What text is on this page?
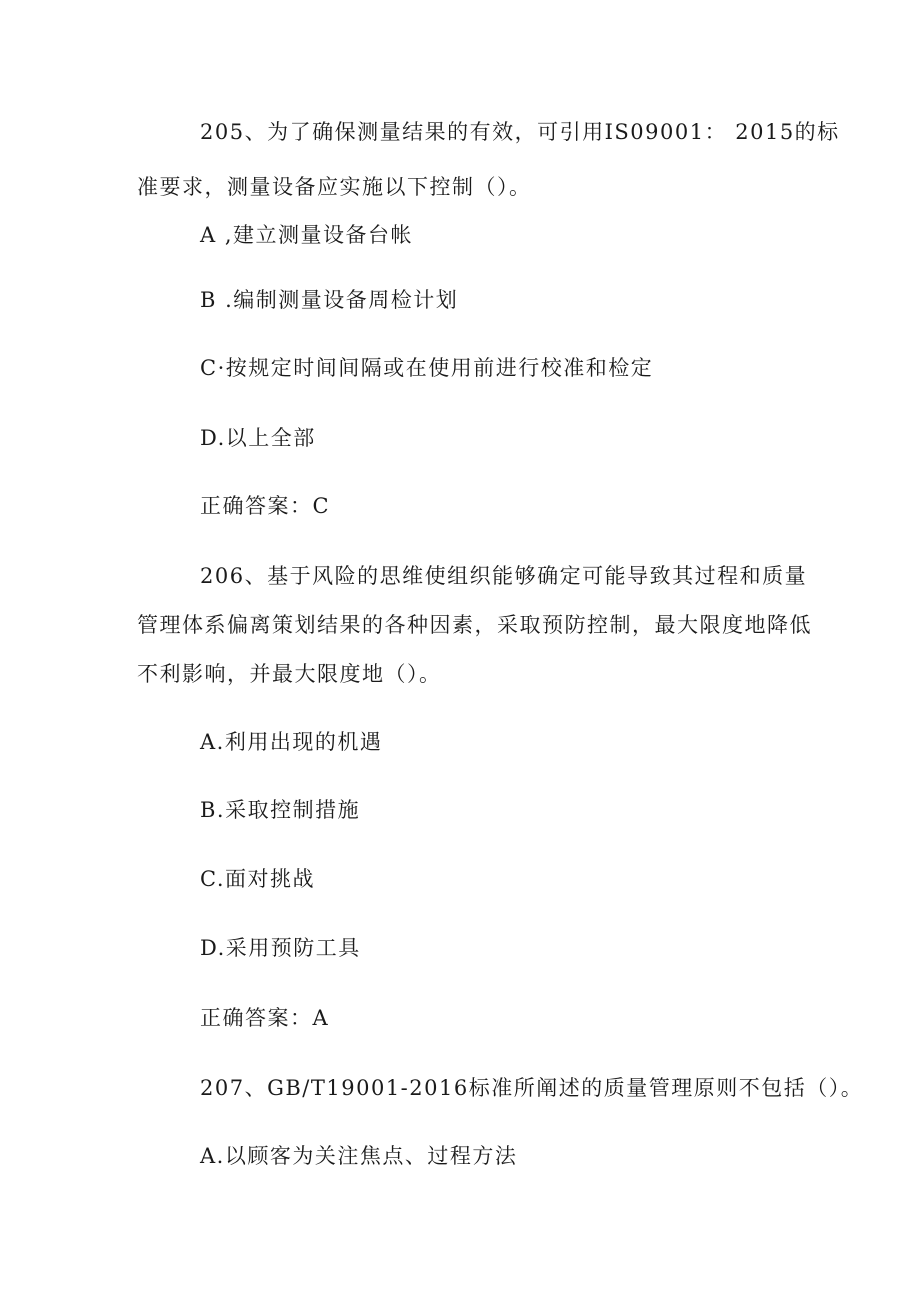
205、为了确保测量结果的有效，可引用IS09001： 2015的标
准要求，测量设备应实施以下控制（）。
A ,建立测量设备台帐
B .编制测量设备周检计划
C·按规定时间间隔或在使用前进行校准和检定
D.以上全部
正确答案：C
206、基于风险的思维使组织能够确定可能导致其过程和质量
管理体系偏离策划结果的各种因素，采取预防控制，最大限度地降低
不利影响，并最大限度地（）。
A.利用出现的机遇
B.采取控制措施
C.面对挑战
D.采用预防工具
正确答案：A
207、GB/T19001-2016标准所阐述的质量管理原则不包括（）。
A.以顾客为关注焦点、过程方法
